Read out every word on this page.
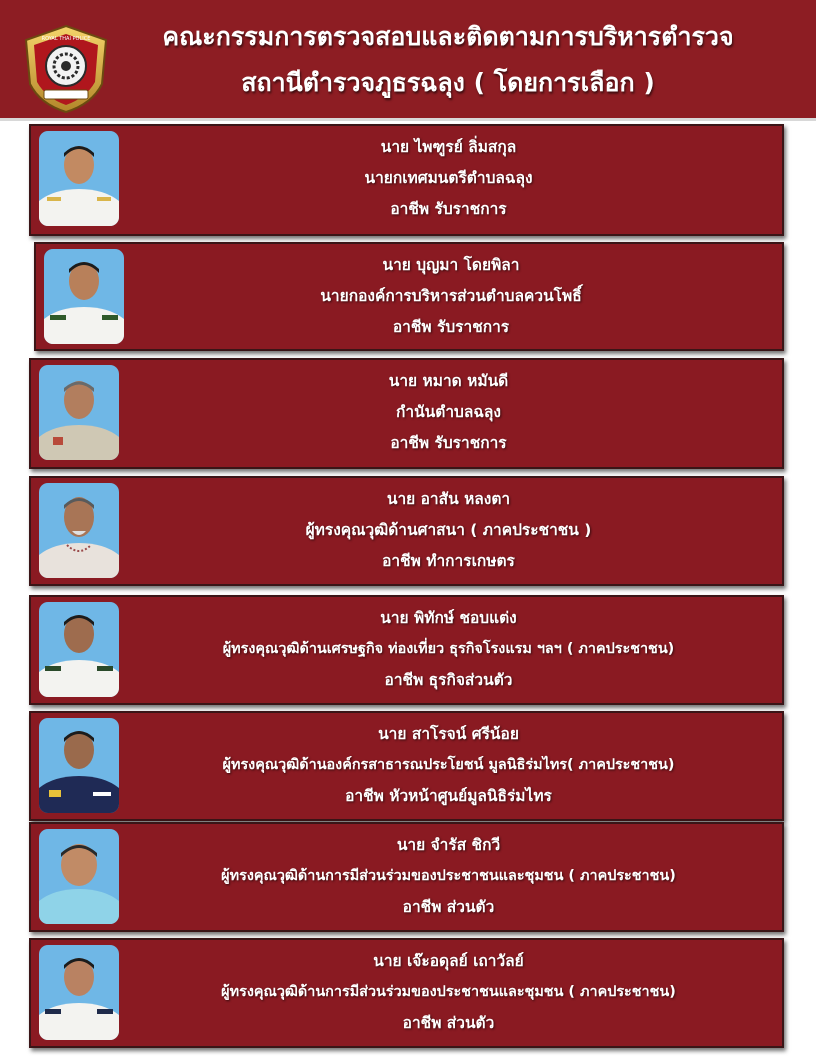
ROYAL THAI POLICE	คณะกรรมการตรวจสอบและติดตามการบริหารตำรวจ
สถานีตำรวจภูธรฉลุง ( โดยการเลือก )
นาย ไพฑูรย์ ลิ่มสกุล
นายกเทศมนตรีตำบลฉลุง
อาชีพ รับราชการ
นาย บุญมา โดยพิลา
นายกองค์การบริหารส่วนตำบลควนโพธิ์
อาชีพ รับราชการ
นาย หมาด หมันดี
กำนันตำบลฉลุง
อาชีพ รับราชการ
นาย อาสัน หลงตา
ผู้ทรงคุณวุฒิด้านศาสนา ( ภาคประชาชน )
อาชีพ ทำการเกษตร
นาย พิทักษ์ ชอบแต่ง
ผู้ทรงคุณวุฒิด้านเศรษฐกิจ ท่องเที่ยว ธุรกิจโรงแรม ฯลฯ ( ภาคประชาชน)
อาชีพ ธุรกิจส่วนตัว
นาย สาโรจน์ ศรีน้อย
ผู้ทรงคุณวุฒิด้านองค์กรสาธารณประโยชน์ มูลนิธิร่มไทร( ภาคประชาชน)
อาชีพ หัวหน้าศูนย์มูลนิธิร่มไทร
นาย จำรัส ชิกวี
ผู้ทรงคุณวุฒิด้านการมีส่วนร่วมของประชาชนและชุมชน ( ภาคประชาชน)
อาชีพ ส่วนตัว
นาย เจ๊ะอดุลย์ เถาวัลย์
ผู้ทรงคุณวุฒิด้านการมีส่วนร่วมของประชาชนและชุมชน ( ภาคประชาชน)
อาชีพ ส่วนตัว
